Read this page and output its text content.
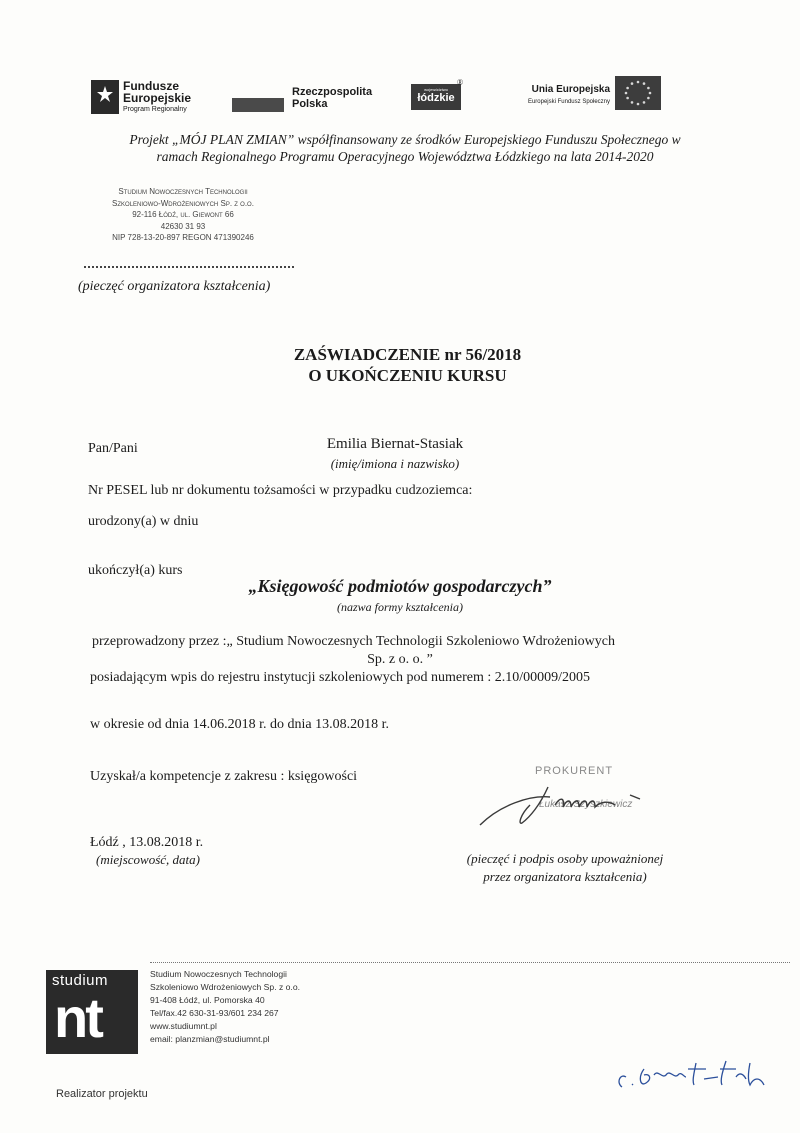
Fundusze
Europejskie
Program Regionalny
Rzeczpospolita
Polska
województwo
łódzkie
®
Unia Europejska
Europejski Fundusz Społeczny
Projekt „MÓJ PLAN ZMIAN” współfinansowany ze środków Europejskiego Funduszu Społecznego w
ramach Regionalnego Programu Operacyjnego Województwa Łódzkiego na lata 2014-2020
Studium Nowoczesnych Technologii
Szkoleniowo-Wdrożeniowych Sp. z o.o.
92-116 Łódź, ul. Giewont 66
42630 31 93
NIP 728-13-20-897 REGON 471390246
(pieczęć organizatora kształcenia)
ZAŚWIADCZENIE nr 56/2018
O UKOŃCZENIU KURSU
Pan/Pani	Emilia Biernat-Stasiak
(imię/imiona i nazwisko)
Nr PESEL lub nr dokumentu tożsamości w przypadku cudzoziemca:
urodzony(a) w dniu
ukończył(a) kurs
„Księgowość podmiotów gospodarczych”
(nazwa formy kształcenia)
przeprowadzony przez :„ Studium Nowoczesnych Technologii Szkoleniowo Wdrożeniowych
Sp. z o. o. ”
posiadającym wpis do rejestru instytucji szkoleniowych pod numerem : 2.10/00009/2005
w okresie od dnia 14.06.2018 r. do dnia 13.08.2018 r.
Uzyskał/a kompetencje z zakresu : księgowości	PROKURENT
Łukasz Szyszkiewicz
Łódź , 13.08.2018 r.
(miejscowość, data)	(pieczęć i podpis osoby upoważnionej
przez organizatora kształcenia)
studium
nt
Studium Nowoczesnych Technologii
Szkoleniowo Wdrożeniowych Sp. z o.o.
91-408 Łódź, ul. Pomorska 40
Tel/fax.42 630-31-93/601 234 267
www.studiumnt.pl
email: planzmian@studiumnt.pl
Realizator projektu
